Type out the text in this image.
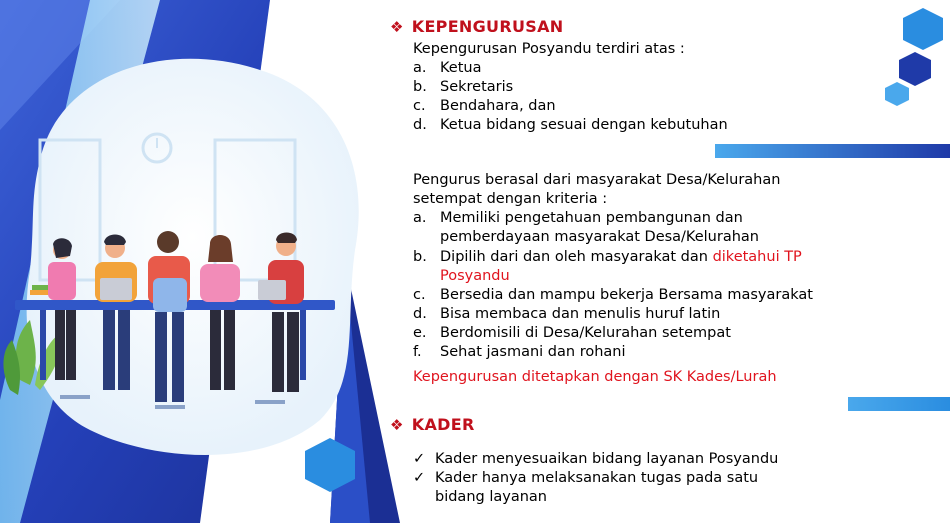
❖ KEPENGURUSAN
Kepengurusan Posyandu terdiri atas :
a. Ketua
b. Sekretaris
c. Bendahara, dan
d. Ketua bidang sesuai dengan kebutuhan
Pengurus berasal dari masyarakat Desa/Kelurahan
setempat dengan kriteria :
a. Memiliki pengetahuan pembangunan dan
pemberdayaan masyarakat Desa/Kelurahan
b. Dipilih dari dan oleh masyarakat dan diketahui TP
Posyandu
c. Bersedia dan mampu bekerja Bersama masyarakat
d. Bisa membaca dan menulis huruf latin
e. Berdomisili di Desa/Kelurahan setempat
f. Sehat jasmani dan rohani
Kepengurusan ditetapkan dengan SK Kades/Lurah
❖ KADER
✓ Kader menyesuaikan bidang layanan Posyandu
✓ Kader hanya melaksanakan tugas pada satu
bidang layanan
